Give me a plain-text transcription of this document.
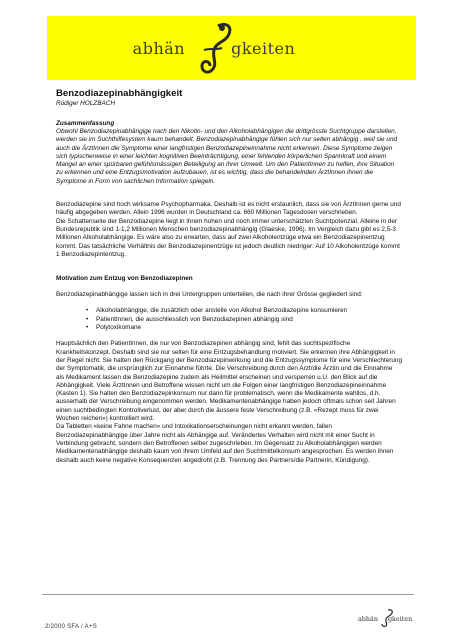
abhän	gkeiten
Benzodiazepinabhängigkeit
Rüdiger HOLZBACH
Zusammenfassung

Obwohl Benzodiazepinabhängige nach den Nikotin- und den Alkoholabhängigen die drittgrösste Suchtgruppe darstellen, werden sie im Suchthilfesystem kaum behandelt. Benzodiazepinabhängige fühlen sich nur selten abhängig , weil sie und auch die ÄrztInnen die Symptome einer langfristigen Benzodiazepineinnahme nicht erkennen. Diese Symptome zeigen sich typischerweise in einer leichten kognitiven Beeinträchtigung, einer fehlenden körperlichen Spannkraft und einem Mangel an einer spürbaren gefühlsmässigen Beteiligung an ihrer Umwelt. Um den PatientInnen zu helfen, ihre Situation zu erkennen und eine Entzugsmotivation aufzubauen, ist es wichtig, dass die behandelnden ÄrztInnen ihnen die Symptome in Form von sachlichen Information spiegeln.

Benzodiazepine sind hoch wirksame Psychopharmaka. Deshalb ist es nicht erstaunlich, dass sie von ÄrztInnen gerne und häufig abgegeben werden. Allein 1996 wurden in Deutschland ca. 660 Millionen Tagesdosen verschrieben.

Die Schattenseite der Benzodiazepine liegt in ihrem hohen und noch immer unterschätzten Suchtpotenzial. Alleine in der Bundesrepublik sind 1-1,2 Millionen Menschen benzodiazepinabhängig (Glaeske, 1996). Im Vergleich dazu gibt es 2,5-3 Millionen Alkoholabhängige. Es wäre also zu erwarten, dass auf zwei Alkoholentzüge etwa ein Benzodiazepinentzug kommt. Das tatsächliche Verhältnis der Benzodiazepinentzüge ist jedoch deutlich niedriger: Auf 10 Alkoholentzüge kommt 1 Benzodiazepintentzug.

Motivation zum Entzug von Benzodiazepinen

Benzodiazepinabhängige lassen sich in drei Untergruppen unterteilen, die nach ihrer Grösse gegliedert sind:

• Alkoholabhängige, die zusätzlich oder anstelle von Alkohol Benzodiazepine konsumieren
• PatientInnen, die ausschliesslich von Benzodiazepinen abhängig sind
• Polytoxikomane

Hauptsächlich den PatientInnen, die nur von Benzodiazepinen abhängig sind, fehlt das suchtspezifische Krankheitskonzept. Deshalb sind sie nur selten für eine Entzugsbehandlung motiviert. Sie erkennen ihre Abhängigkeit in der Regel nicht. Sie halten den Rückgang der Benzodiazepinwirkung und die Entzugssymptome für eine Verschlechterung der Symptomatik, die ursprünglich zur Einnahme führte. Die Verschreibung durch den Arzt/die Ärztin und die Einnahme als Medikament lassen die Benzodiazepine zudem als Heilmittel erscheinen und versperren u.U. den Blick auf die Abhängigkeit. Viele ÄrztInnen und Betroffene wissen nicht um die Folgen einer langfristigen Benzodiazepineinnahme (Kasten 1). Sie halten den Benzodiazepinkonsum nur dann für problematisch, wenn die Medikamente wahllos, d.h. ausserhalb der Verschreibung eingenommen werden. Medikamentenabhängige haben jedoch oftmals schon seit Jahren einen suchtbedingten Kontrollverlust, der aber durch die äussere feste Verschreibung (z.B. «Rezept muss für zwei Wochen reichen») kontrolliert wird.

Da Tabletten «keine Fahne machen» und Intoxikationserscheinungen nicht erkannt werden, fallen Benzodiazepinabhängige über Jahre nicht als Abhängige auf. Verändertes Verhalten wird nicht mit einer Sucht in Verbindung gebracht, sondern den Betroffenen selber zugeschrieben. Im Gegensatz zu Alkoholabhängigen werden Medikamentenabhängige deshalb kaum von ihrem Umfeld auf den Suchtmittelkonsum angesprochen. Es werden ihnen deshalb auch keine negative Konsequenzen angedroht (z.B. Trennung des Partners/die Partnerin, Kündigung).

2/2000 SFA / A+S
abhän gkeiten
